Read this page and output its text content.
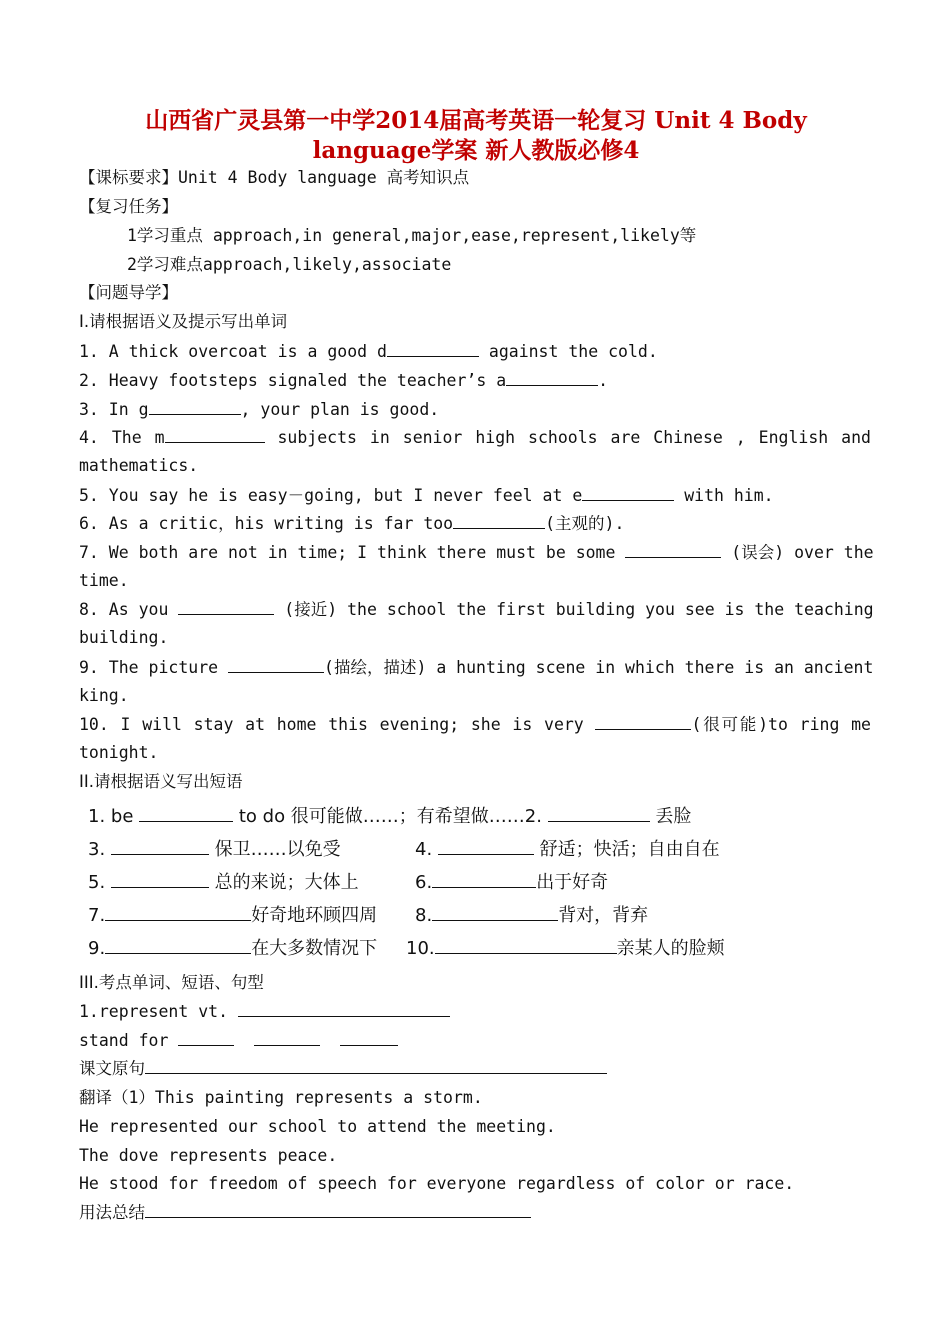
山西省广灵县第一中学2014届高考英语一轮复习 Unit 4 Body
language学案 新人教版必修4
【课标要求】Unit 4 Body language 高考知识点
【复习任务】
1学习重点 approach,in general,major,ease,represent,likely等
2学习难点approach,likely,associate
【问题导学】
I.请根据语义及提示写出单词
1. A thick overcoat is a good d	against the cold.
2. Heavy footsteps signaled the teacher’s a	.
3. In g	, your plan is good.
4. The m	subjects in senior high schools are Chinese , English and
mathematics.
5. You say he is easy－going, but I never feel at e	with him.
6. As a critic，his writing is far too	(主观的).
7. We both are not in time; I think there must be some	(误会) over the
time.
8. As you	(接近) the school the first building you see is the teaching
building.
9. The picture	(描绘，描述) a hunting scene in which there is an ancient
king.
10. I will stay at home this evening; she is very	(很可能)to ring me
tonight.
II.请根据语义写出短语
1. be	to do 很可能做……；有希望做……2.	丢脸
3.	保卫……以免受	4.	舒适；快活；自由自在
5.	总的来说；大体上	6.	出于好奇
7.	好奇地环顾四周 8.	背对，背弃
9.	在大多数情况下 10.	亲某人的脸颊
III.考点单词、短语、句型
1.represent vt.
stand for
课文原句
翻译（1）This painting represents a storm.
He represented our school to attend the meeting.
The dove represents peace.
He stood for freedom of speech for everyone regardless of color or race.
用法总结
